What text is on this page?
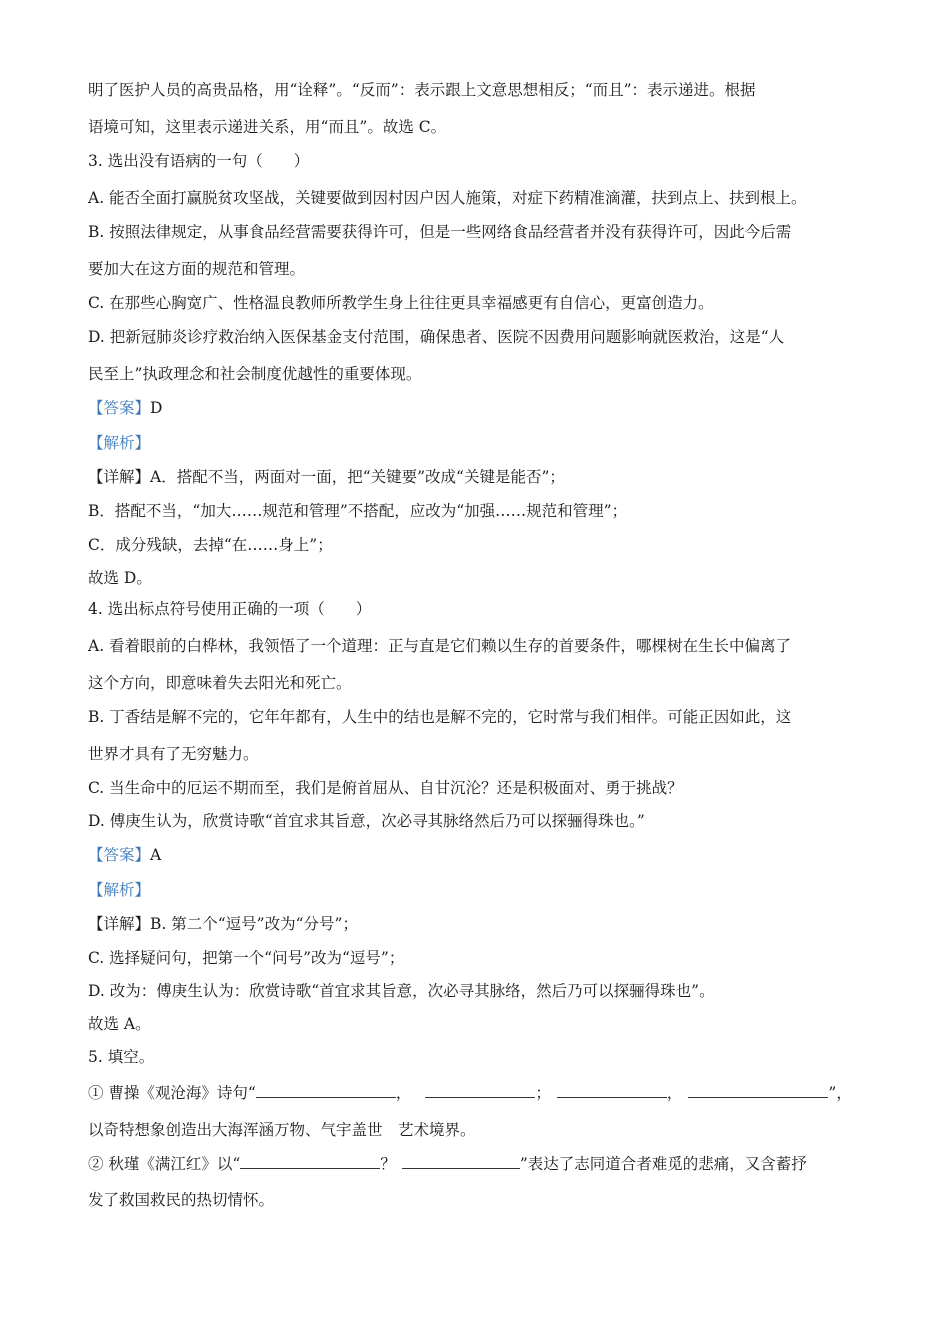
明了医护人员的高贵品格，用“诠释”。“反而”：表示跟上文意思想相反；“而且”：表示递进。根据
语境可知，这里表示递进关系，用“而且”。故选 C。
3. 选出没有语病的一句（　　）
A. 能否全面打赢脱贫攻坚战，关键要做到因村因户因人施策，对症下药精准滴灌，扶到点上、扶到根上。
B. 按照法律规定，从事食品经营需要获得许可，但是一些网络食品经营者并没有获得许可，因此今后需
要加大在这方面的规范和管理。
C. 在那些心胸宽广、性格温良教师所教学生身上往往更具幸福感更有自信心，更富创造力。
D. 把新冠肺炎诊疗救治纳入医保基金支付范围，确保患者、医院不因费用问题影响就医救治，这是“人
民至上”执政理念和社会制度优越性的重要体现。
【答案】D
【解析】
【详解】A．搭配不当，两面对一面，把“关键要”改成“关键是能否”；
B．搭配不当，“加大……规范和管理”不搭配，应改为“加强……规范和管理”；
C．成分残缺，去掉“在……身上”；
故选 D。
4. 选出标点符号使用正确的一项（　　）
A. 看着眼前的白桦林，我领悟了一个道理：正与直是它们赖以生存的首要条件，哪棵树在生长中偏离了
这个方向，即意味着失去阳光和死亡。
B. 丁香结是解不完的，它年年都有，人生中的结也是解不完的，它时常与我们相伴。可能正因如此，这
世界才具有了无穷魅力。
C. 当生命中的厄运不期而至，我们是俯首屈从、自甘沉沦？还是积极面对、勇于挑战？
D. 傅庚生认为，欣赏诗歌“首宜求其旨意，次必寻其脉络然后乃可以探骊得珠也。”
【答案】A
【解析】
【详解】B. 第二个“逗号”改为“分号”；
C. 选择疑问句，把第一个“问号”改为“逗号”；
D. 改为：傅庚生认为：欣赏诗歌“首宜求其旨意，次必寻其脉络，然后乃可以探骊得珠也”。
故选 A。
5. 填空。
① 曹操《观沧海》诗句“	，	；	，	”，
以奇特想象创造出大海浑涵万物、气宇盖世　艺术境界。
② 秋瑾《满江红》以“	？	”表达了志同道合者难觅的悲痛，又含蓄抒
发了救国救民的热切情怀。
